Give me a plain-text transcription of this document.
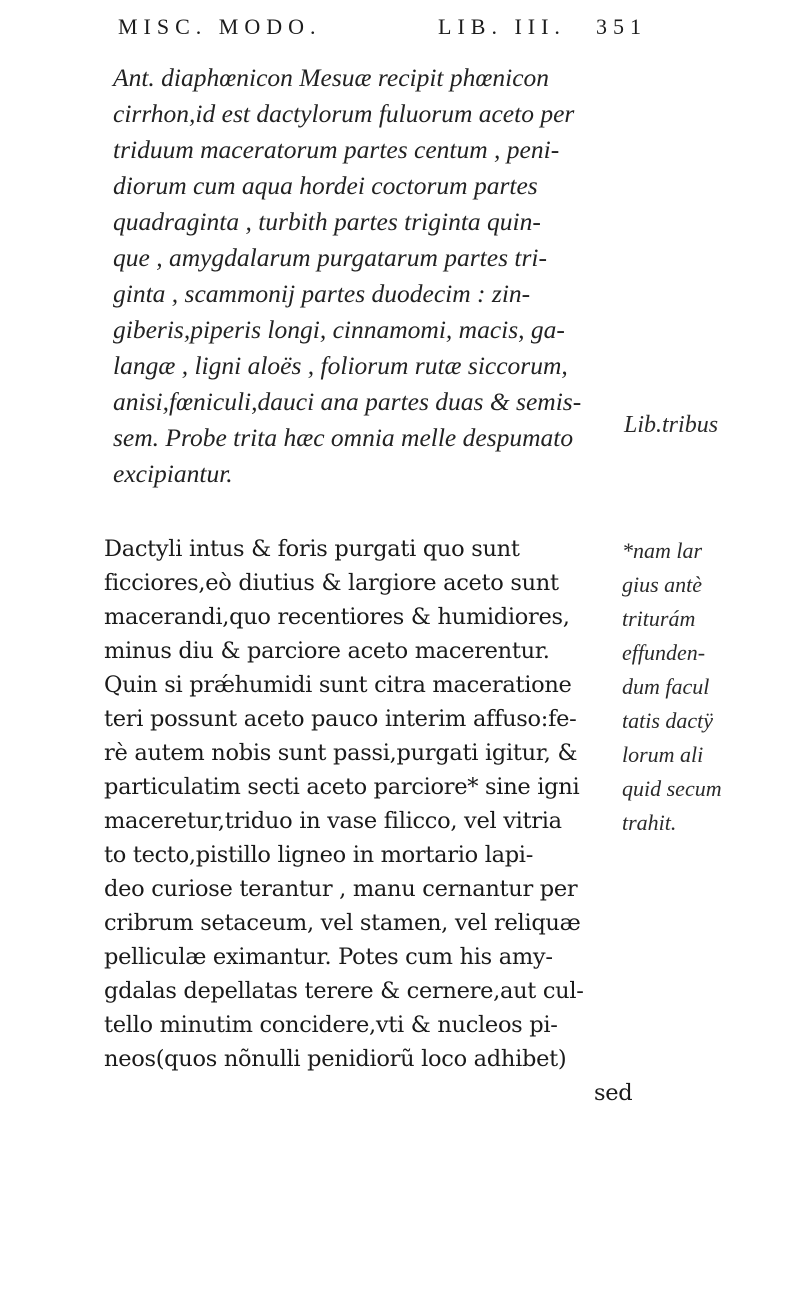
MISC. MODO.	LIB. III. 351

Ant. diaphœnicon Mesuæ recipit phœnicon
cirrhon,id est dactylorum fuluorum aceto per
triduum maceratorum partes centum , peni-
diorum cum aqua hordei coctorum partes
quadraginta , turbith partes triginta quin-
que , amygdalarum purgatarum partes tri-
ginta , scammonij partes duodecim : zin-
giberis,piperis longi, cinnamomi, macis, ga-
langæ , ligni aloës , foliorum rutæ siccorum,
anisi,fœniculi,dauci ana partes duas & semis-
sem. Probe trita hæc omnia melle despumato
excipiantur.

Lib.tribus

Dactyli intus & foris purgati quo sunt
ficciores,eò diutius & largiore aceto sunt
macerandi,quo recentiores & humidiores,
minus diu & parciore aceto macerentur.
Quin si prǽhumidi sunt citra maceratione
teri possunt aceto pauco interim affuso:fe-
rè autem nobis sunt passi,purgati igitur, &
particulatim secti aceto parciore* sine igni
maceretur,triduo in vase filicco, vel vitria
to tecto,pistillo ligneo in mortario lapi-
deo curiose terantur , manu cernantur per
cribrum setaceum, vel stamen, vel reliquæ
pelliculæ eximantur. Potes cum his amy-
gdalas depellatas terere & cernere,aut cul-
tello minutim concidere,vti & nucleos pi-
neos(quos nõnulli penidiorũ loco adhibet)
sed

*nam lar
gius antè
triturám
effunden-
dum facul
tatis dactÿ
lorum ali
quid secum
trahit.
